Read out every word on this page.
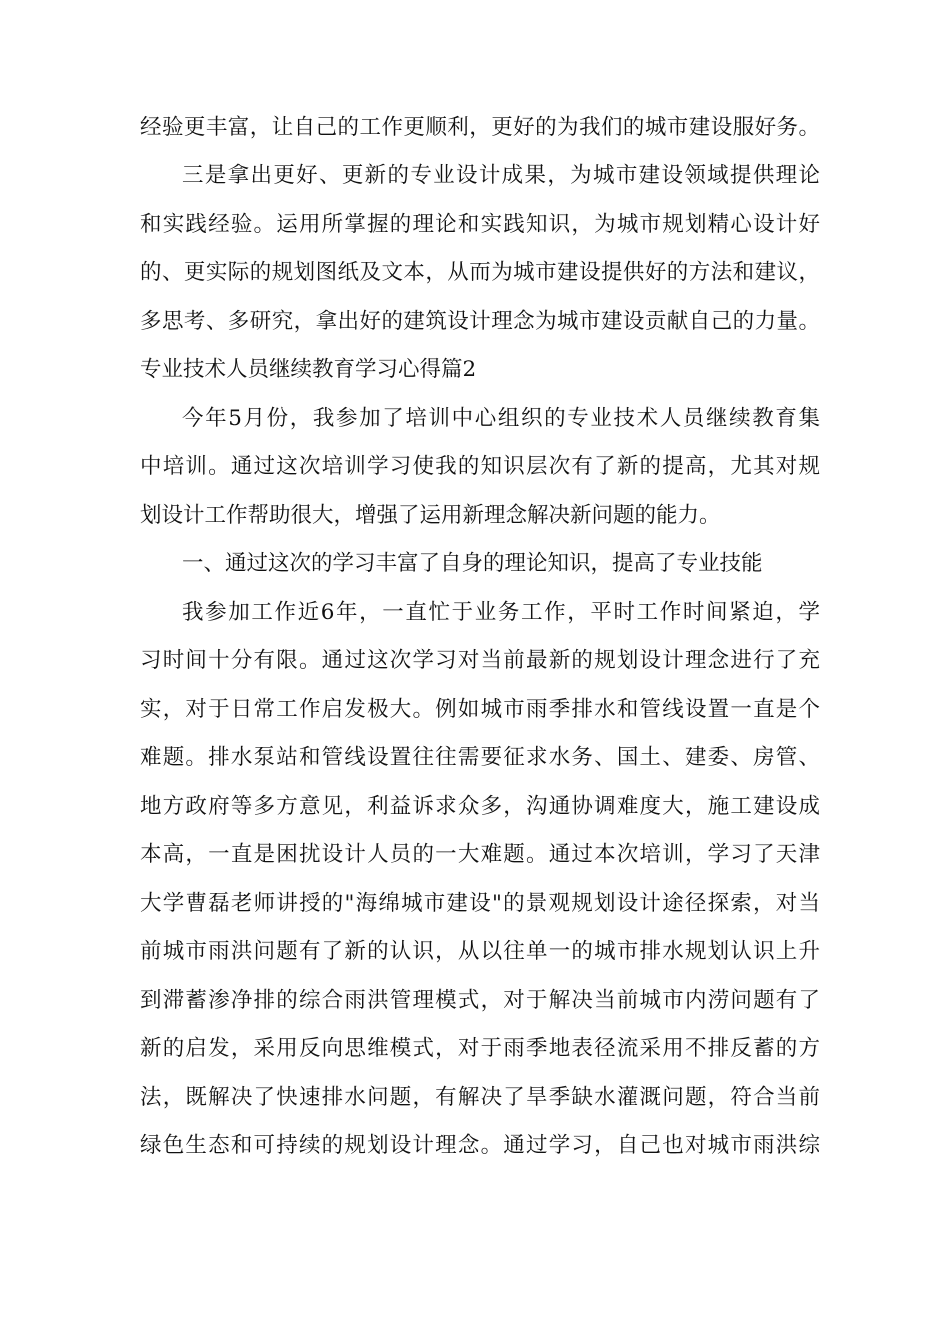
经验更丰富，让自己的工作更顺利，更好的为我们的城市建设服好务。
三是拿出更好、更新的专业设计成果，为城市建设领域提供理论
和实践经验。运用所掌握的理论和实践知识，为城市规划精心设计好
的、更实际的规划图纸及文本，从而为城市建设提供好的方法和建议，
多思考、多研究，拿出好的建筑设计理念为城市建设贡献自己的力量。
专业技术人员继续教育学习心得篇2
今年5月份，我参加了培训中心组织的专业技术人员继续教育集
中培训。通过这次培训学习使我的知识层次有了新的提高，尤其对规
划设计工作帮助很大，增强了运用新理念解决新问题的能力。
一、通过这次的学习丰富了自身的理论知识，提高了专业技能
我参加工作近6年，一直忙于业务工作，平时工作时间紧迫，学
习时间十分有限。通过这次学习对当前最新的规划设计理念进行了充
实，对于日常工作启发极大。例如城市雨季排水和管线设置一直是个
难题。排水泵站和管线设置往往需要征求水务、国土、建委、房管、
地方政府等多方意见，利益诉求众多，沟通协调难度大，施工建设成
本高，一直是困扰设计人员的一大难题。通过本次培训，学习了天津
大学曹磊老师讲授的"海绵城市建设"的景观规划设计途径探索，对当
前城市雨洪问题有了新的认识，从以往单一的城市排水规划认识上升
到滞蓄渗净排的综合雨洪管理模式，对于解决当前城市内涝问题有了
新的启发，采用反向思维模式，对于雨季地表径流采用不排反蓄的方
法，既解决了快速排水问题，有解决了旱季缺水灌溉问题，符合当前
绿色生态和可持续的规划设计理念。通过学习，自己也对城市雨洪综
